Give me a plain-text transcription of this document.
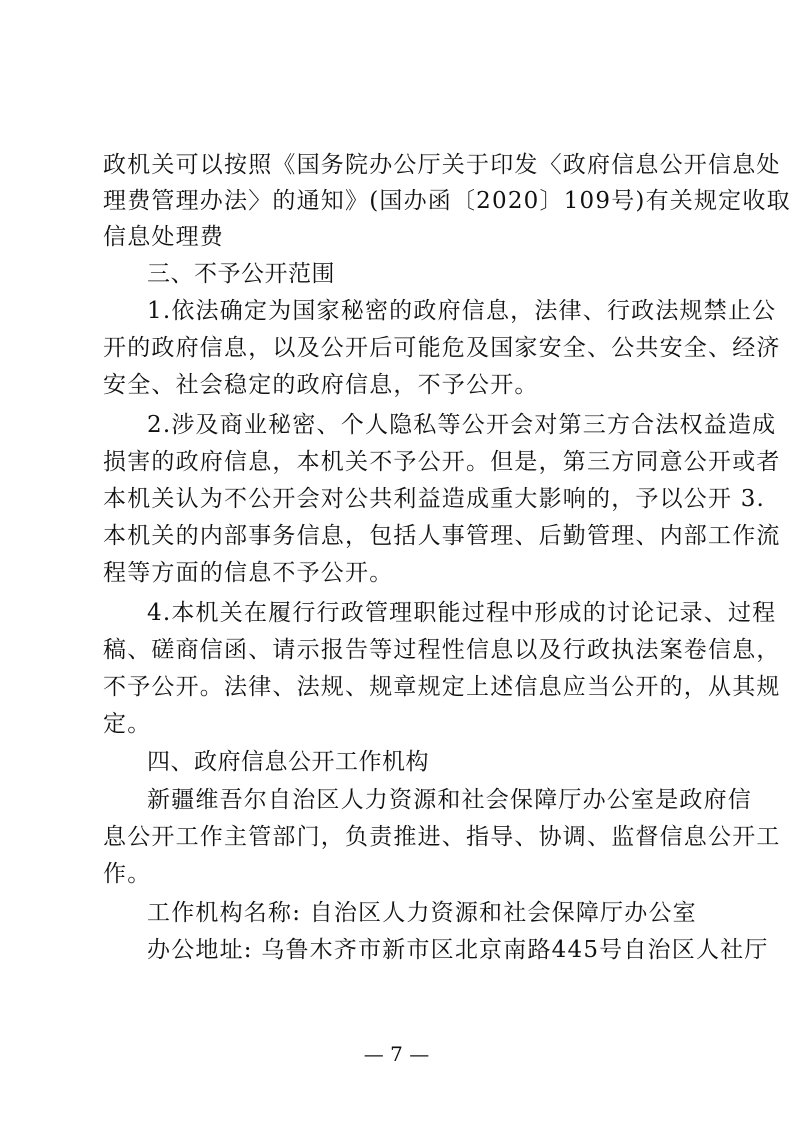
政机关可以按照《国务院办公厅关于印发〈政府信息公开信息处
理费管理办法〉的通知》(国办函〔2020〕109号)有关规定收取
信息处理费
三、不予公开范围
1.依法确定为国家秘密的政府信息，法律、行政法规禁止公
开的政府信息，以及公开后可能危及国家安全、公共安全、经济
安全、社会稳定的政府信息，不予公开。
2.涉及商业秘密、个人隐私等公开会对第三方合法权益造成
损害的政府信息，本机关不予公开。但是，第三方同意公开或者
本机关认为不公开会对公共利益造成重大影响的，予以公开 3.
本机关的内部事务信息，包括人事管理、后勤管理、内部工作流
程等方面的信息不予公开。
4.本机关在履行行政管理职能过程中形成的讨论记录、过程
稿、磋商信函、请示报告等过程性信息以及行政执法案卷信息，
不予公开。法律、法规、规章规定上述信息应当公开的，从其规
定。
四、政府信息公开工作机构
新疆维吾尔自治区人力资源和社会保障厅办公室是政府信
息公开工作主管部门，负责推进、指导、协调、监督信息公开工
作。
工作机构名称: 自治区人力资源和社会保障厅办公室
办公地址: 乌鲁木齐市新市区北京南路445号自治区人社厅
— 7 —
